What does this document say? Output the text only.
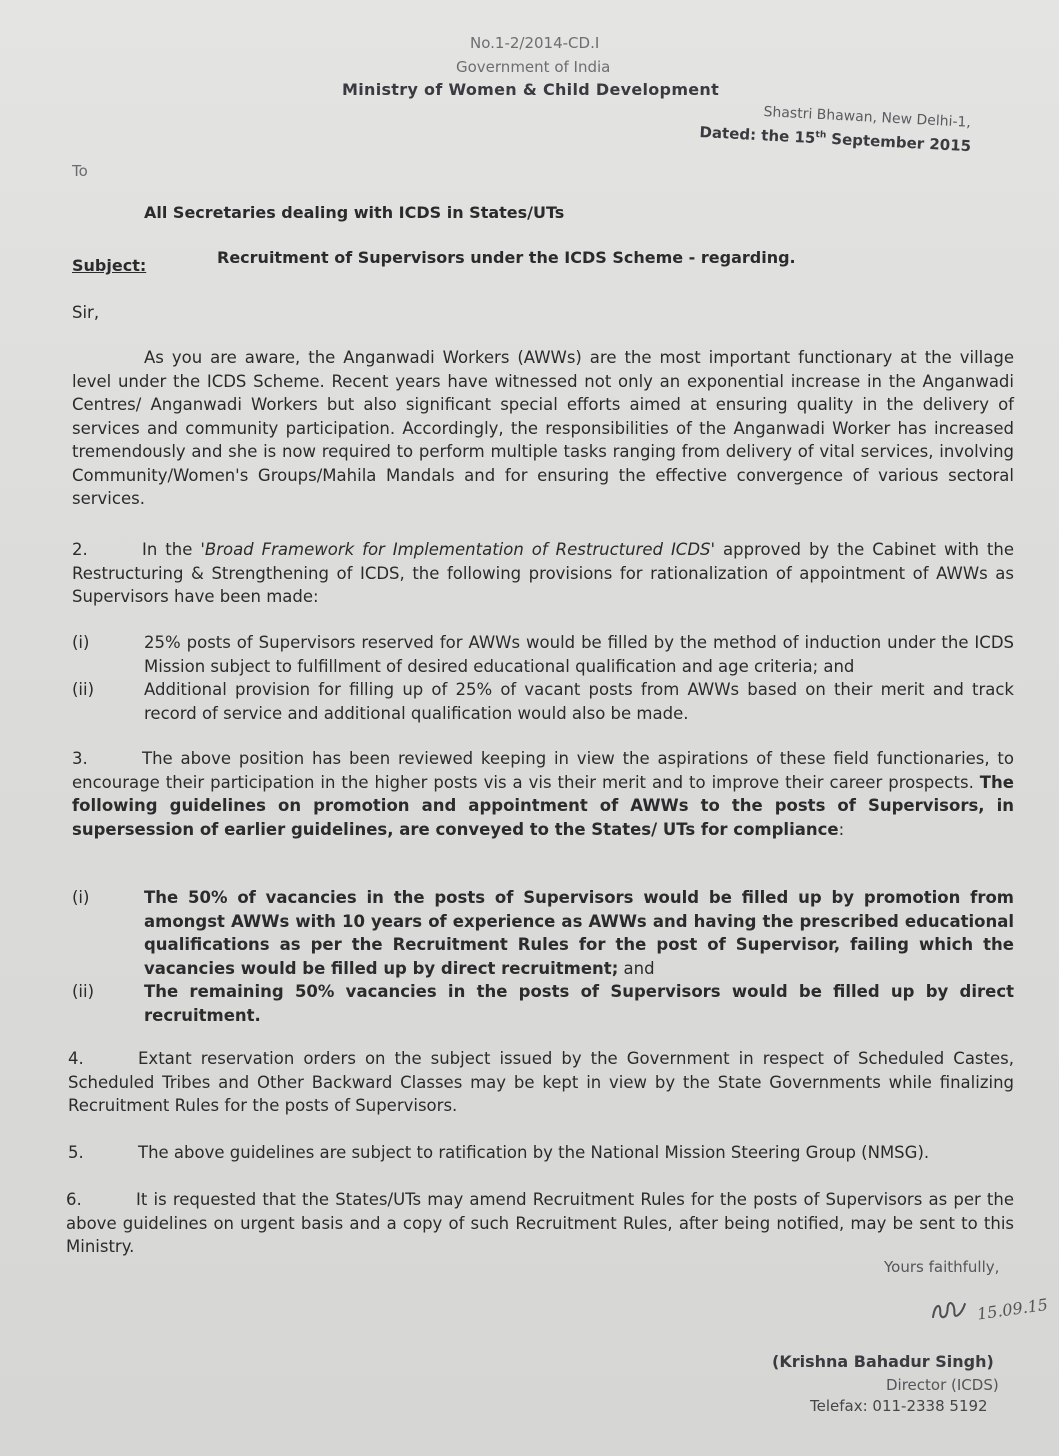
No.1-2/2014-CD.I
Government of India
Ministry of Women & Child Development
Shastri Bhawan, New Delhi-1,
Dated: the 15th September 2015
To
All Secretaries dealing with ICDS in States/UTs
Subject:	Recruitment of Supervisors under the ICDS Scheme - regarding.
Sir,
As you are aware, the Anganwadi Workers (AWWs) are the most important functionary at the village level under the ICDS Scheme. Recent years have witnessed not only an exponential increase in the Anganwadi Centres/ Anganwadi Workers but also significant special efforts aimed at ensuring quality in the delivery of services and community participation. Accordingly, the responsibilities of the Anganwadi Worker has increased tremendously and she is now required to perform multiple tasks ranging from delivery of vital services, involving Community/Women's Groups/Mahila Mandals and for ensuring the effective convergence of various sectoral services.
2.	In the 'Broad Framework for Implementation of Restructured ICDS' approved by the Cabinet with the Restructuring & Strengthening of ICDS, the following provisions for rationalization of appointment of AWWs as Supervisors have been made:
(i)	25% posts of Supervisors reserved for AWWs would be filled by the method of induction under the ICDS Mission subject to fulfillment of desired educational qualification and age criteria; and
(ii)	Additional provision for filling up of 25% of vacant posts from AWWs based on their merit and track record of service and additional qualification would also be made.
3.	The above position has been reviewed keeping in view the aspirations of these field functionaries, to encourage their participation in the higher posts vis a vis their merit and to improve their career prospects. The following guidelines on promotion and appointment of AWWs to the posts of Supervisors, in supersession of earlier guidelines, are conveyed to the States/ UTs for compliance:
(i)	The 50% of vacancies in the posts of Supervisors would be filled up by promotion from amongst AWWs with 10 years of experience as AWWs and having the prescribed educational qualifications as per the Recruitment Rules for the post of Supervisor, failing which the vacancies would be filled up by direct recruitment; and
(ii)	The remaining 50% vacancies in the posts of Supervisors would be filled up by direct recruitment.
4.	Extant reservation orders on the subject issued by the Government in respect of Scheduled Castes, Scheduled Tribes and Other Backward Classes may be kept in view by the State Governments while finalizing Recruitment Rules for the posts of Supervisors.
5.	The above guidelines are subject to ratification by the National Mission Steering Group (NMSG).
6.	It is requested that the States/UTs may amend Recruitment Rules for the posts of Supervisors as per the above guidelines on urgent basis and a copy of such Recruitment Rules, after being notified, may be sent to this Ministry.
Yours faithfully,
15.09.15
(Krishna Bahadur Singh)
Director (ICDS)
Telefax: 011-2338 5192
